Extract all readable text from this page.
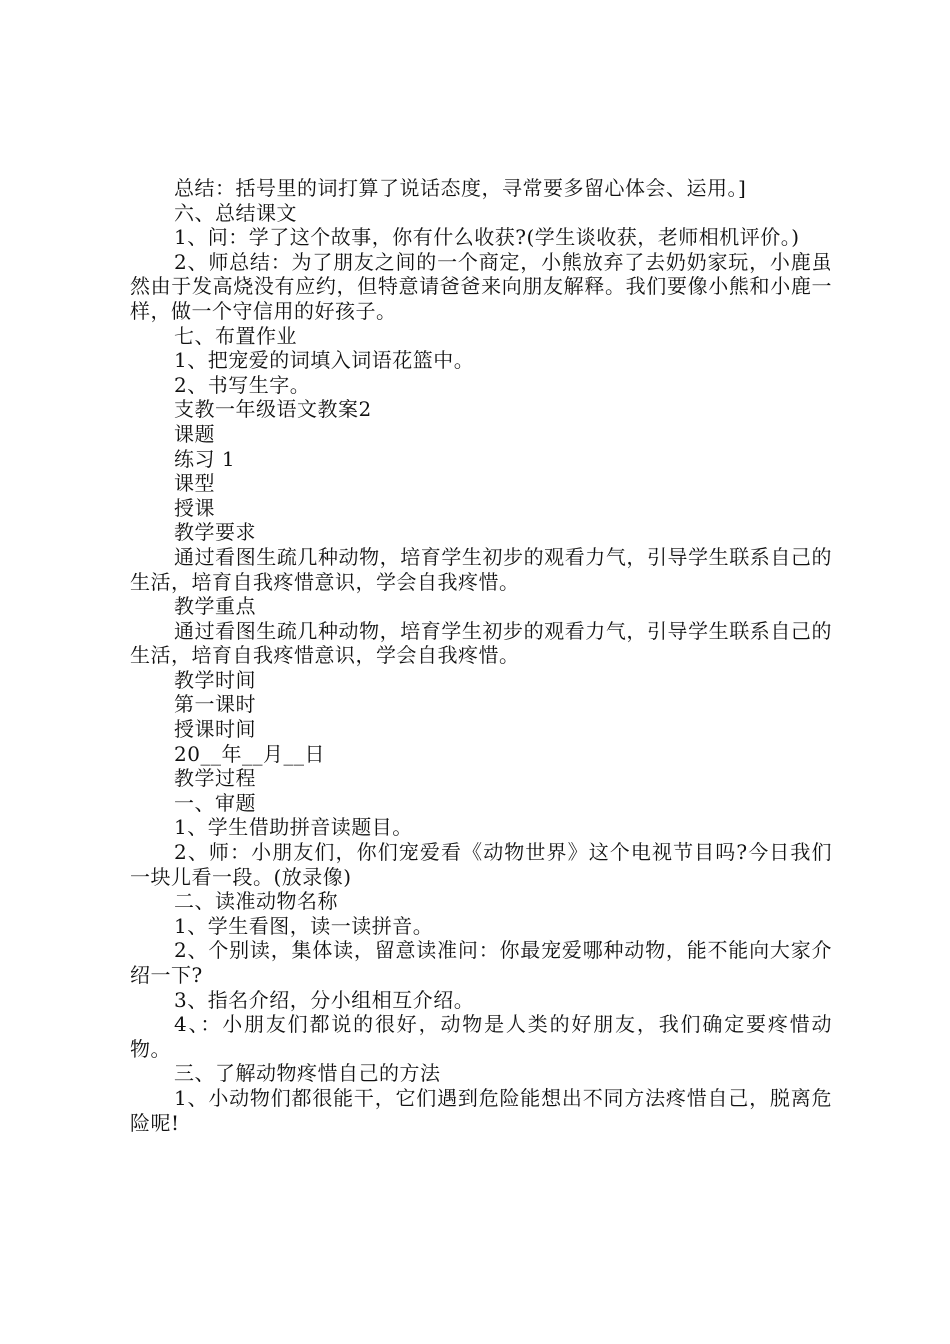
总结：括号里的词打算了说话态度，寻常要多留心体会、运用。]

六、总结课文

1、问：学了这个故事，你有什么收获?(学生谈收获，老师相机评价。)

2、师总结：为了朋友之间的一个商定，小熊放弃了去奶奶家玩，小鹿虽然由于发高烧没有应约，但特意请爸爸来向朋友解释。我们要像小熊和小鹿一样，做一个守信用的好孩子。

七、布置作业

1、把宠爱的词填入词语花篮中。

2、书写生字。

支教一年级语文教案2

课题

练习 1

课型

授课

教学要求

通过看图生疏几种动物，培育学生初步的观看力气，引导学生联系自己的生活，培育自我疼惜意识，学会自我疼惜。

教学重点

通过看图生疏几种动物，培育学生初步的观看力气，引导学生联系自己的生活，培育自我疼惜意识，学会自我疼惜。

教学时间

第一课时

授课时间

20__年__月__日

教学过程

一、审题

1、学生借助拼音读题目。

2、师：小朋友们，你们宠爱看《动物世界》这个电视节目吗?今日我们一块儿看一段。(放录像)

二、读准动物名称

1、学生看图，读一读拼音。

2、个别读，集体读，留意读准问：你最宠爱哪种动物，能不能向大家介绍一下?

3、指名介绍，分小组相互介绍。

4、：小朋友们都说的很好，动物是人类的好朋友，我们确定要疼惜动物。

三、了解动物疼惜自己的方法

1、小动物们都很能干，它们遇到危险能想出不同方法疼惜自己，脱离危险呢!
